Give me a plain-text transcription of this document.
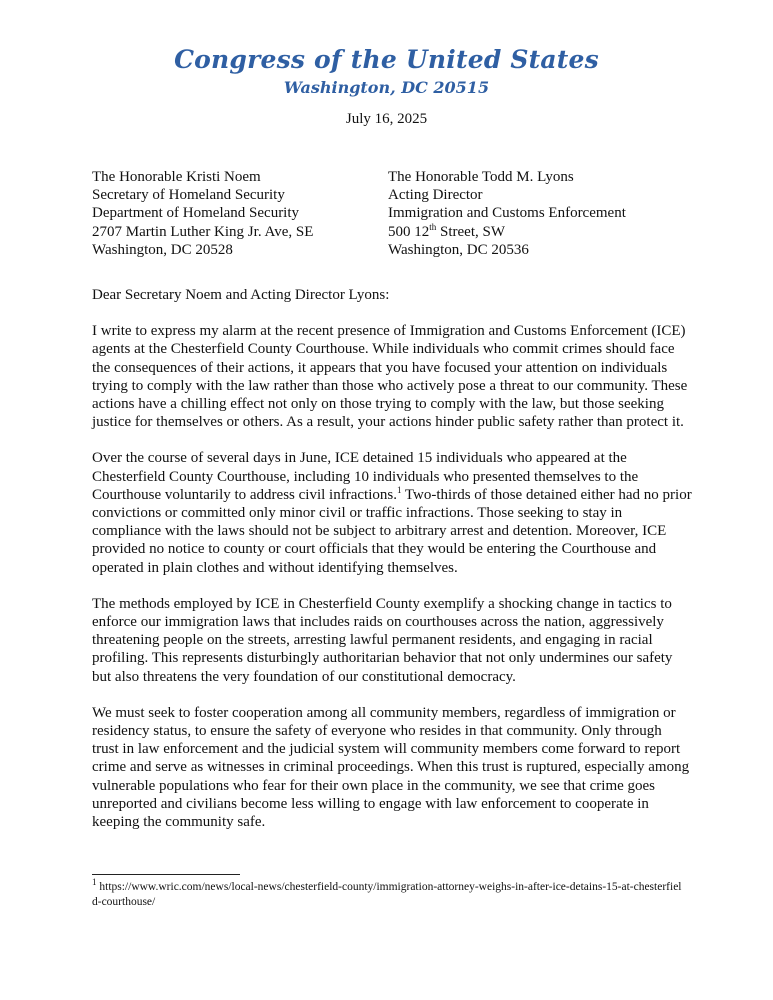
Congress of the United States
Washington, DC 20515
July 16, 2025
The Honorable Kristi Noem
Secretary of Homeland Security
Department of Homeland Security
2707 Martin Luther King Jr. Ave, SE
Washington, DC 20528
The Honorable Todd M. Lyons
Acting Director
Immigration and Customs Enforcement
500 12th Street, SW
Washington, DC 20536

Dear Secretary Noem and Acting Director Lyons:

I write to express my alarm at the recent presence of Immigration and Customs Enforcement (ICE) agents at the Chesterfield County Courthouse. While individuals who commit crimes should face the consequences of their actions, it appears that you have focused your attention on individuals trying to comply with the law rather than those who actively pose a threat to our community. These actions have a chilling effect not only on those trying to comply with the law, but those seeking justice for themselves or others. As a result, your actions hinder public safety rather than protect it.

Over the course of several days in June, ICE detained 15 individuals who appeared at the Chesterfield County Courthouse, including 10 individuals who presented themselves to the Courthouse voluntarily to address civil infractions.$^1$ Two-thirds of those detained either had no prior convictions or committed only minor civil or traffic infractions. Those seeking to stay in compliance with the laws should not be subject to arbitrary arrest and detention. Moreover, ICE provided no notice to county or court officials that they would be entering the Courthouse and operated in plain clothes and without identifying themselves.

The methods employed by ICE in Chesterfield County exemplify a shocking change in tactics to enforce our immigration laws that includes raids on courthouses across the nation, aggressively threatening people on the streets, arresting lawful permanent residents, and engaging in racial profiling. This represents disturbingly authoritarian behavior that not only undermines our safety but also threatens the very foundation of our constitutional democracy.

We must seek to foster cooperation among all community members, regardless of immigration or residency status, to ensure the safety of everyone who resides in that community. Only through trust in law enforcement and the judicial system will community members come forward to report crime and serve as witnesses in criminal proceedings. When this trust is ruptured, especially among vulnerable populations who fear for their own place in the community, we see that crime goes unreported and civilians become less willing to engage with law enforcement to cooperate in keeping the community safe.

$^1$ https://www.wric.com/news/local-news/chesterfield-county/immigration-attorney-weighs-in-after-ice-detains-15-at-chesterfield-courthouse/
